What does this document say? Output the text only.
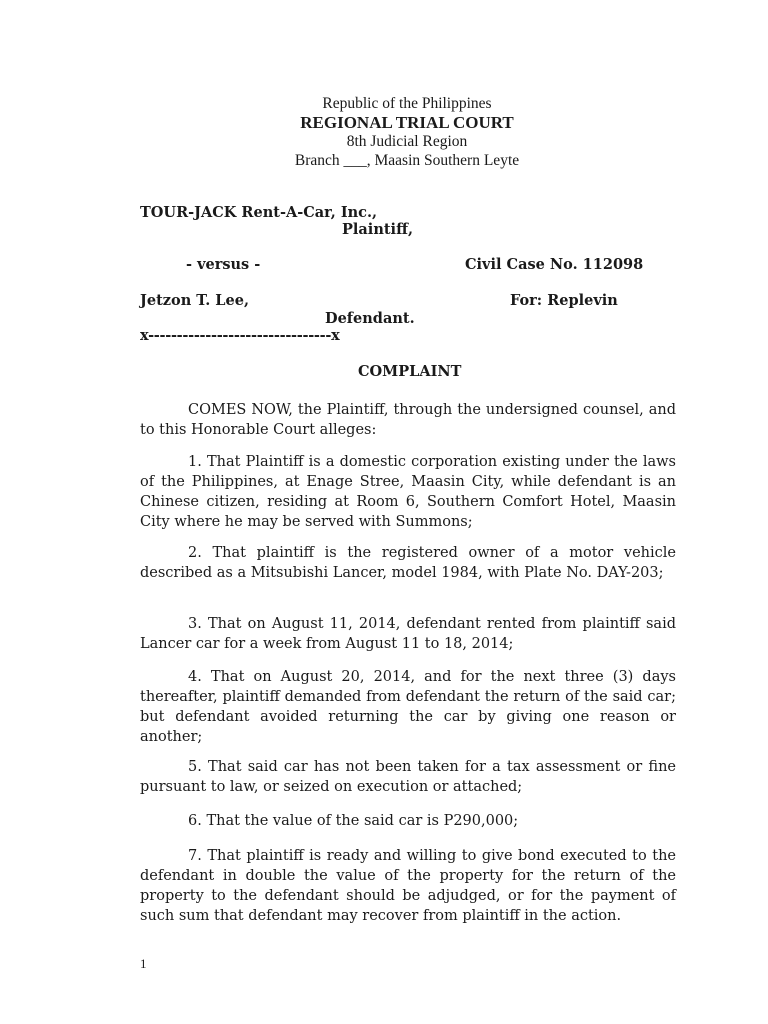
Republic of the Philippines
REGIONAL TRIAL COURT
8th Judicial Region
Branch ___, Maasin Southern Leyte
TOUR-JACK Rent-A-Car, Inc.,
Plaintiff,
- versus -	Civil Case No. 112098
Jetzon T. Lee,	For: Replevin
Defendant.
x--------------------------------x
COMPLAINT

COMES NOW, the Plaintiff, through the undersigned counsel, and to this Honorable Court alleges:

1. That Plaintiff is a domestic corporation existing under the laws of the Philippines, at Enage Stree, Maasin City, while defendant is an Chinese citizen, residing at Room 6, Southern Comfort Hotel, Maasin City where he may be served with Summons;

2. That plaintiff is the registered owner of a motor vehicle described as a Mitsubishi Lancer, model 1984, with Plate No. DAY-203;

3. That on August 11, 2014, defendant rented from plaintiff said Lancer car for a week from August 11 to 18, 2014;

4. That on August 20, 2014, and for the next three (3) days thereafter, plaintiff demanded from defendant the return of the said car; but defendant avoided returning the car by giving one reason or another;

5. That said car has not been taken for a tax assessment or fine pursuant to law, or seized on execution or attached;

6. That the value of the said car is P290,000;

7. That plaintiff is ready and willing to give bond executed to the defendant in double the value of the property for the return of the property to the defendant should be adjudged, or for the payment of such sum that defendant may recover from plaintiff in the action.

1
